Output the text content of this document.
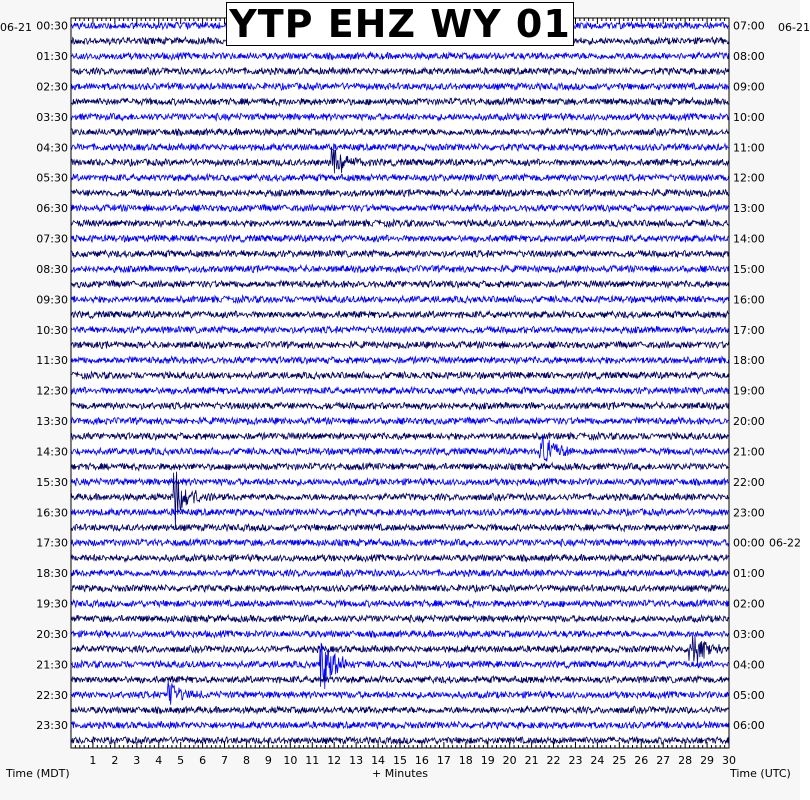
1 2 3 4 5 6 7 8 9 10 11 12 13 14 15 16 17 18 19 20 21 22 23 24 25 26 27 28 29 30
00:30
01:30
02:30
03:30
04:30
05:30
06:30
07:30
08:30
09:30
10:30
11:30
12:30
13:30
14:30
15:30
16:30
17:30
18:30
19:30
20:30
21:30
22:30
23:30
07:00
08:00
09:00
10:00
11:00
12:00
13:00
14:00
15:00
16:00
17:00
18:00
19:00
20:00
21:00
22:00
23:00
00:00 06-22
01:00
02:00
03:00
04:00
05:00
06:00
YTP EHZ WY 01
06-21	06-21
Time (MDT)	+ Minutes	Time (UTC)
